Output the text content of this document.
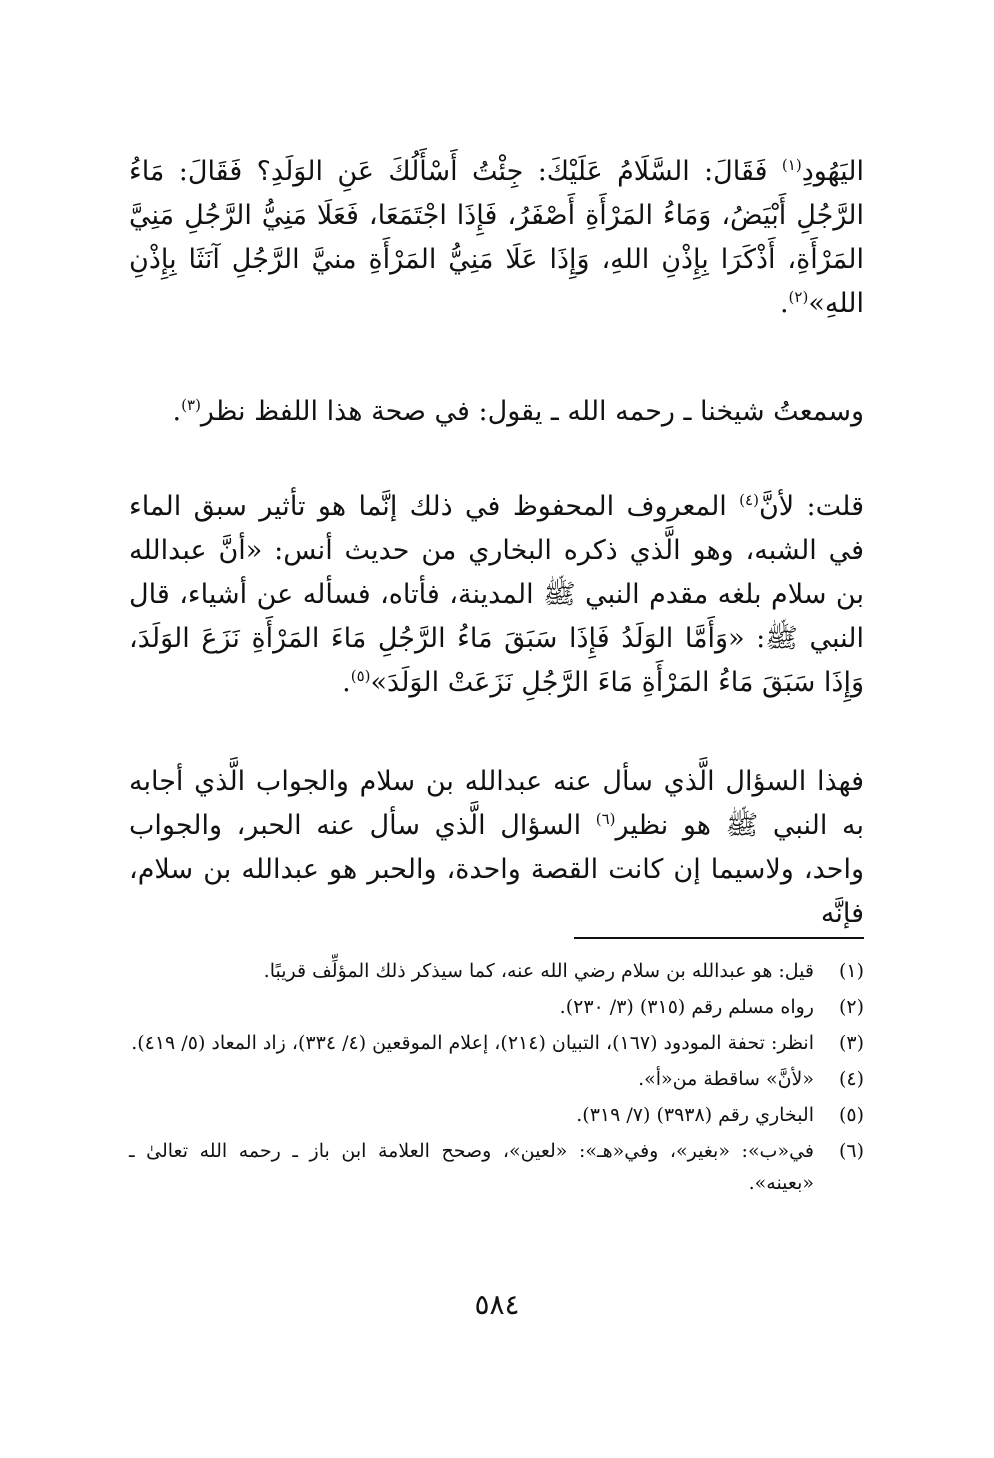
اليَهُودِ$^{(١)}$ فَقَالَ: السَّلَامُ عَلَيْكَ: جِئْتُ أَسْأَلُكَ عَنِ الوَلَدِ؟ فَقَالَ: مَاءُ الرَّجُلِ أَبْيَضُ، وَمَاءُ المَرْأَةِ أَصْفَرُ، فَإِذَا اجْتَمَعَا، فَعَلَا مَنِيُّ الرَّجُلِ مَنِيَّ المَرْأَةِ، أَذْكَرَا بِإِذْنِ اللهِ، وَإِذَا عَلَا مَنِيُّ المَرْأَةِ منيَّ الرَّجُلِ آنَثَا بِإِذْنِ اللهِ»$^{(٢)}$.

وسمعتُ شيخنا ـ رحمه الله ـ يقول: في صحة هذا اللفظ نظر$^{(٣)}$.

قلت: لأنَّ$^{(٤)}$ المعروف المحفوظ في ذلك إنَّما هو تأثير سبق الماء في الشبه، وهو الَّذي ذكره البخاري من حديث أنس: «أنَّ عبدالله بن سلام بلغه مقدم النبي ﷺ المدينة، فأتاه، فسأله عن أشياء، قال النبي ﷺ: «وَأَمَّا الوَلَدُ فَإِذَا سَبَقَ مَاءُ الرَّجُلِ مَاءَ المَرْأَةِ نَزَعَ الوَلَدَ، وَإِذَا سَبَقَ مَاءُ المَرْأَةِ مَاءَ الرَّجُلِ نَزَعَتْ الوَلَدَ»$^{(٥)}$.

فهذا السؤال الَّذي سأل عنه عبدالله بن سلام والجواب الَّذي أجابه به النبي ﷺ هو نظير$^{(٦)}$ السؤال الَّذي سأل عنه الحبر، والجواب واحد، ولاسيما إن كانت القصة واحدة، والحبر هو عبدالله بن سلام، فإنَّه

(١)
قيل: هو عبدالله بن سلام رضي الله عنه، كما سيذكر ذلك المؤلِّف قريبًا.
(٢)
رواه مسلم رقم (٣١٥) (٣/ ٢٣٠).
(٣)
انظر: تحفة المودود (١٦٧)، التبيان (٢١٤)، إعلام الموقعين (٤/ ٣٣٤)، زاد المعاد (٥/ ٤١٩).
(٤)
«لأنَّ» ساقطة من«أ».
(٥)
البخاري رقم (٣٩٣٨) (٧/ ٣١٩).
(٦)
في«ب»: «بغير»، وفي«هـ»: «لعين»، وصحح العلامة ابن باز ـ رحمه الله تعالىٰ ـ «بعينه».
٥٨٤
